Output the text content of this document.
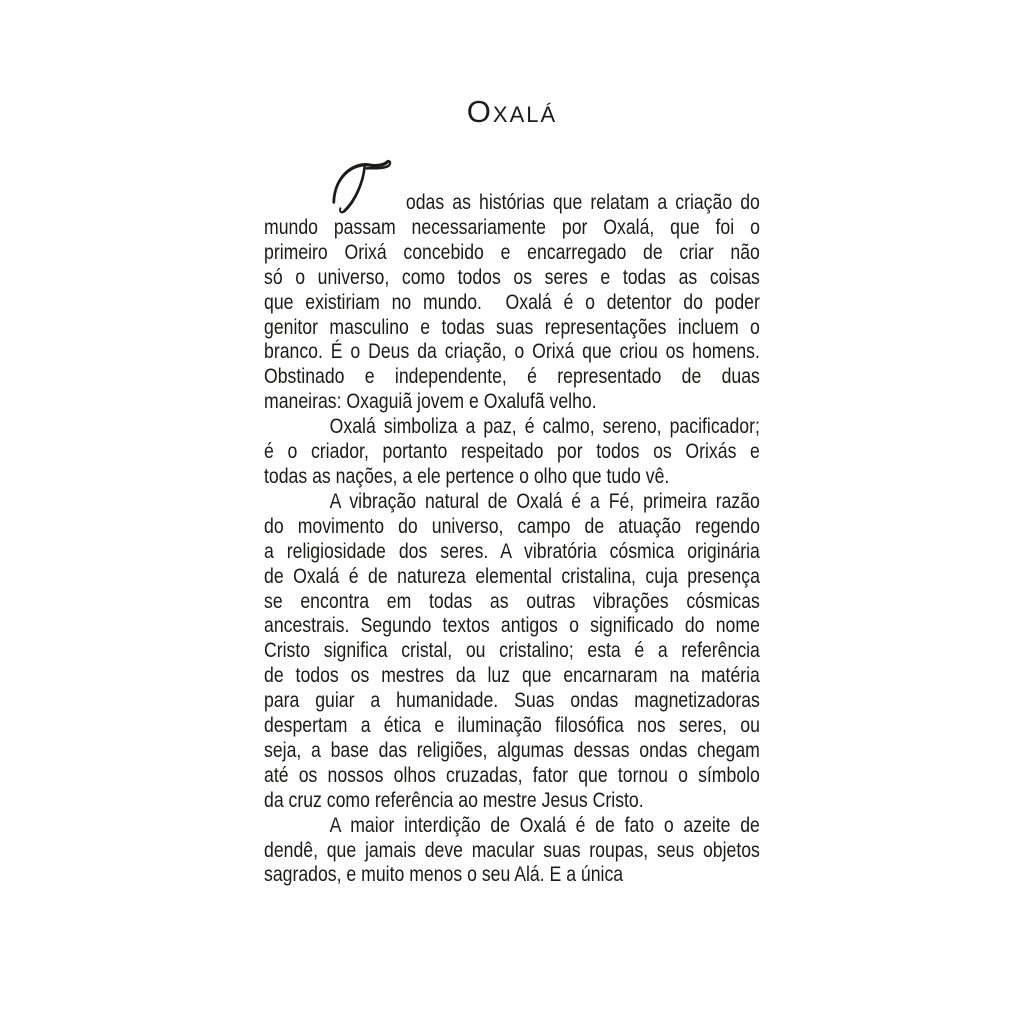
OXALÁ
odas as histórias que relatam a criação do
mundo passam necessariamente por Oxalá, que foi o
primeiro Orixá concebido e encarregado de criar não
só o universo, como todos os seres e todas as coisas
que existiriam no mundo.  Oxalá é o detentor do poder
genitor masculino e todas suas representações incluem o
branco. É o Deus da criação, o Orixá que criou os homens.
Obstinado e independente, é representado de duas
maneiras: Oxaguiã jovem e Oxalufã velho.
Oxalá simboliza a paz, é calmo, sereno, pacificador;
é o criador, portanto respeitado por todos os Orixás e
todas as nações, a ele pertence o olho que tudo vê.
A vibração natural de Oxalá é a Fé, primeira razão
do movimento do universo, campo de atuação regendo
a religiosidade dos seres. A vibratória cósmica originária
de Oxalá é de natureza elemental cristalina, cuja presença
se encontra em todas as outras vibrações cósmicas
ancestrais. Segundo textos antigos o significado do nome
Cristo significa cristal, ou cristalino; esta é a referência
de todos os mestres da luz que encarnaram na matéria
para guiar a humanidade. Suas ondas magnetizadoras
despertam a ética e iluminação filosófica nos seres, ou
seja, a base das religiões, algumas dessas ondas chegam
até os nossos olhos cruzadas, fator que tornou o símbolo
da cruz como referência ao mestre Jesus Cristo.
A maior interdição de Oxalá é de fato o azeite de
dendê, que jamais deve macular suas roupas, seus objetos
sagrados, e muito menos o seu Alá. E a única
